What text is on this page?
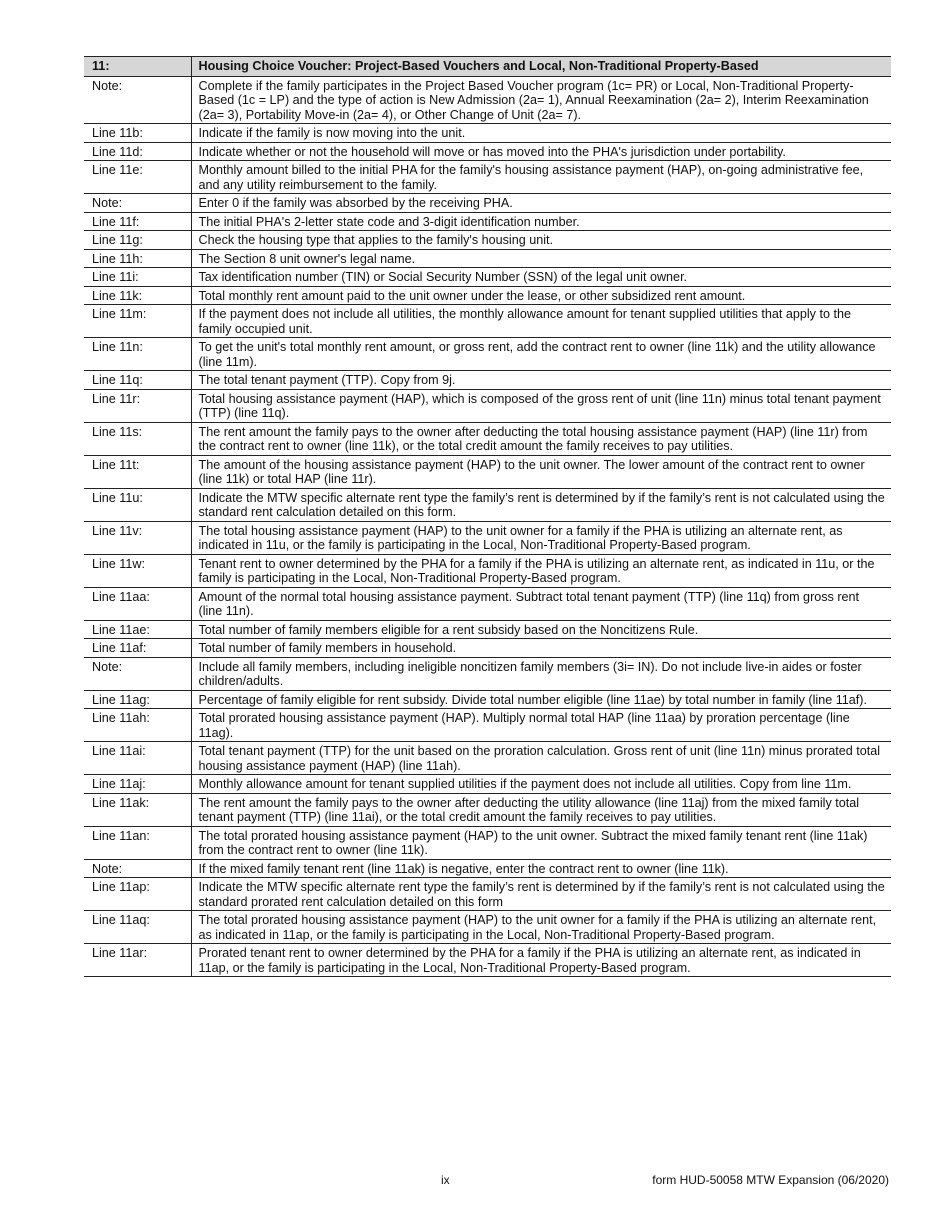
11:	Housing Choice Voucher: Project-Based Vouchers and Local, Non-Traditional Property-Based
Note:	Complete if the family participates in the Project Based Voucher program (1c= PR) or Local, Non-Traditional Property-Based (1c = LP) and the type of action is New Admission (2a= 1), Annual Reexamination (2a= 2), Interim Reexamination (2a= 3), Portability Move-in (2a= 4), or Other Change of Unit (2a= 7).
Line 11b:	Indicate if the family is now moving into the unit.
Line 11d:	Indicate whether or not the household will move or has moved into the PHA's jurisdiction under portability.
Line 11e:	Monthly amount billed to the initial PHA for the family's housing assistance payment (HAP), on-going administrative fee, and any utility reimbursement to the family.
Note:	Enter 0 if the family was absorbed by the receiving PHA.
Line 11f:	The initial PHA's 2-letter state code and 3-digit identification number.
Line 11g:	Check the housing type that applies to the family's housing unit.
Line 11h:	The Section 8 unit owner's legal name.
Line 11i:	Tax identification number (TIN) or Social Security Number (SSN) of the legal unit owner.
Line 11k:	Total monthly rent amount paid to the unit owner under the lease, or other subsidized rent amount.
Line 11m:	If the payment does not include all utilities, the monthly allowance amount for tenant supplied utilities that apply to the family occupied unit.
Line 11n:	To get the unit's total monthly rent amount, or gross rent, add the contract rent to owner (line 11k) and the utility allowance (line 11m).
Line 11q:	The total tenant payment (TTP). Copy from 9j.
Line 11r:	Total housing assistance payment (HAP), which is composed of the gross rent of unit (line 11n) minus total tenant payment (TTP) (line 11q).
Line 11s:	The rent amount the family pays to the owner after deducting the total housing assistance payment (HAP) (line 11r) from the contract rent to owner (line 11k), or the total credit amount the family receives to pay utilities.
Line 11t:	The amount of the housing assistance payment (HAP) to the unit owner. The lower amount of the contract rent to owner (line 11k) or total HAP (line 11r).
Line 11u:	Indicate the MTW specific alternate rent type the family’s rent is determined by if the family’s rent is not calculated using the standard rent calculation detailed on this form.
Line 11v:	The total housing assistance payment (HAP) to the unit owner for a family if the PHA is utilizing an alternate rent, as indicated in 11u, or the family is participating in the Local, Non-Traditional Property-Based program.
Line 11w:	Tenant rent to owner determined by the PHA for a family if the PHA is utilizing an alternate rent, as indicated in 11u, or the family is participating in the Local, Non-Traditional Property-Based program.
Line 11aa:	Amount of the normal total housing assistance payment. Subtract total tenant payment (TTP) (line 11q) from gross rent (line 11n).
Line 11ae:	Total number of family members eligible for a rent subsidy based on the Noncitizens Rule.
Line 11af:	Total number of family members in household.
Note:	Include all family members, including ineligible noncitizen family members (3i= IN). Do not include live-in aides or foster children/adults.
Line 11ag:	Percentage of family eligible for rent subsidy. Divide total number eligible (line 11ae) by total number in family (line 11af).
Line 11ah:	Total prorated housing assistance payment (HAP). Multiply normal total HAP (line 11aa) by proration percentage (line 11ag).
Line 11ai:	Total tenant payment (TTP) for the unit based on the proration calculation. Gross rent of unit (line 11n) minus prorated total housing assistance payment (HAP) (line 11ah).
Line 11aj:	Monthly allowance amount for tenant supplied utilities if the payment does not include all utilities. Copy from line 11m.
Line 11ak:	The rent amount the family pays to the owner after deducting the utility allowance (line 11aj) from the mixed family total tenant payment (TTP) (line 11ai), or the total credit amount the family receives to pay utilities.
Line 11an:	The total prorated housing assistance payment (HAP) to the unit owner. Subtract the mixed family tenant rent (line 11ak) from the contract rent to owner (line 11k).
Note:	If the mixed family tenant rent (line 11ak) is negative, enter the contract rent to owner (line 11k).
Line 11ap:	Indicate the MTW specific alternate rent type the family’s rent is determined by if the family’s rent is not calculated using the standard prorated rent calculation detailed on this form
Line 11aq:	The total prorated housing assistance payment (HAP) to the unit owner for a family if the PHA is utilizing an alternate rent, as indicated in 11ap, or the family is participating in the Local, Non-Traditional Property-Based program.
Line 11ar:	Prorated tenant rent to owner determined by the PHA for a family if the PHA is utilizing an alternate rent, as indicated in 11ap, or the family is participating in the Local, Non-Traditional Property-Based program.
ix	form HUD-50058 MTW Expansion (06/2020)
